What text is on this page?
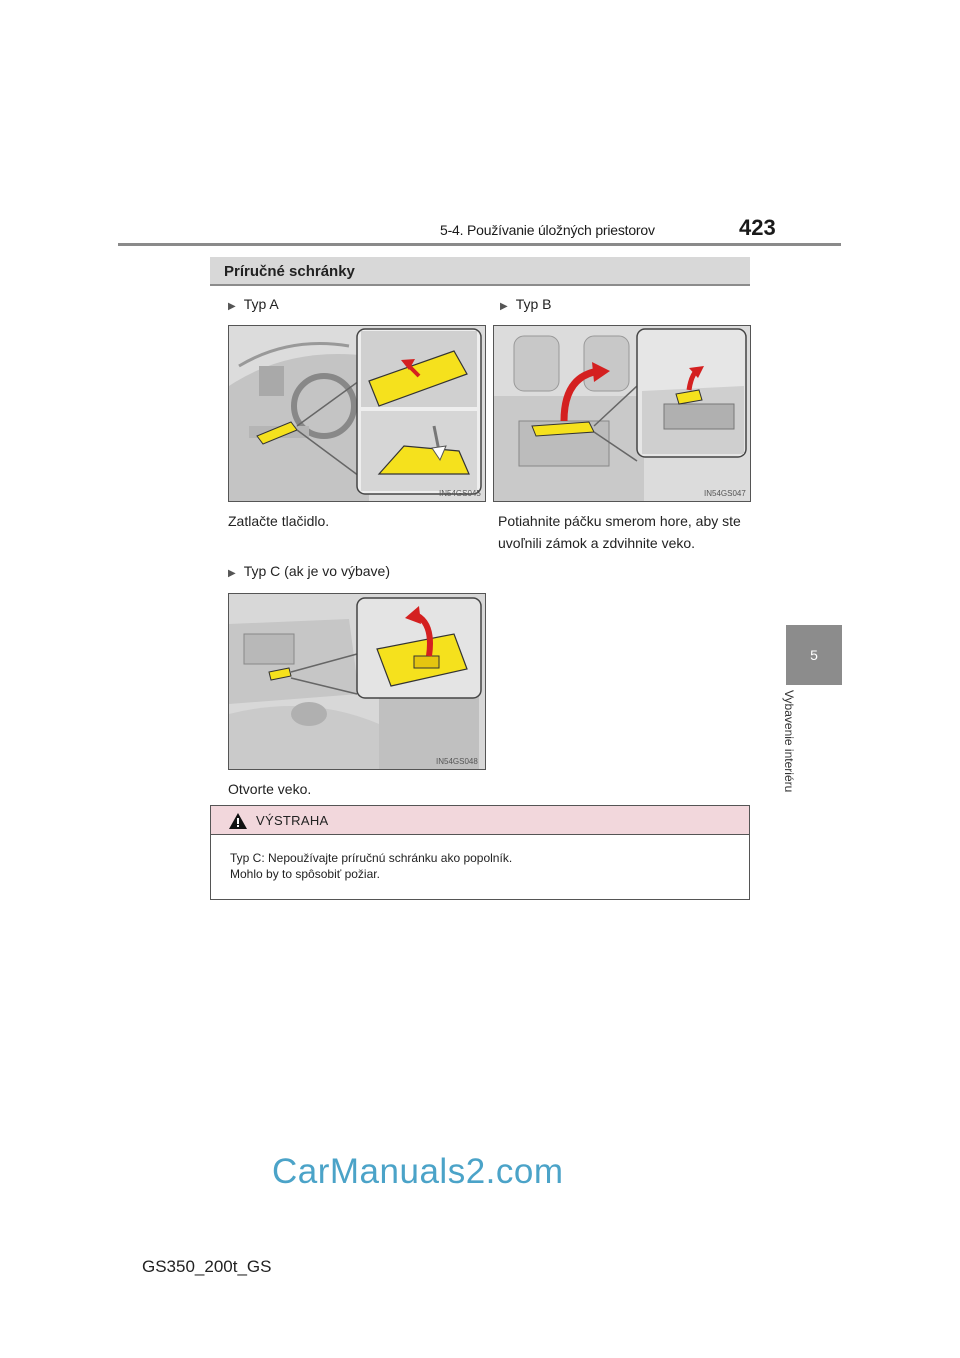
5-4. Používanie úložných priestorov	423
5
Vybavenie interiéru
Príručné schránky
▶ Typ A
IN54GS045
Zatlačte tlačidlo.
▶ Typ B
IN54GS047
Potiahnite páčku smerom hore, aby ste
uvoľnili zámok a zdvihnite veko.
▶ Typ C (ak je vo výbave)
IN54GS048
Otvorte veko.
VÝSTRAHA
Typ C: Nepoužívajte príručnú schránku ako popolník.
Mohlo by to spôsobiť požiar.
CarManuals2.com
GS350_200t_GS
